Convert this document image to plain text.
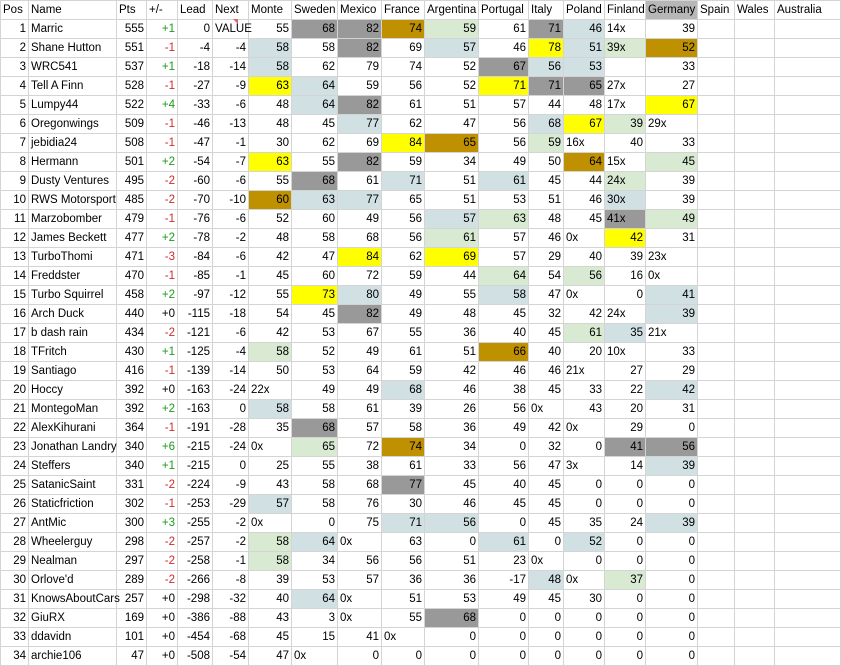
Pos	Name	Pts	+/-	Lead	Next	Monte	Sweden	Mexico	France	Argentina	Portugal	Italy	Poland	Finland	Germany	Spain	Wales	Australia
1	Marric	555	+1	0	VALUE	55	68	82	74	59	61	71	46	14x	39			
2	Shane Hutton	551	-1	-4	-4	58	58	82	69	57	46	78	51	39x	52			
3	WRC541	537	+1	-18	-14	58	62	79	74	52	67	56	53		33			
4	Tell A Finn	528	-1	-27	-9	63	64	59	56	52	71	71	65	27x	27			
5	Lumpy44	522	+4	-33	-6	48	64	82	61	51	57	44	48	17x	67			
6	Oregonwings	509	-1	-46	-13	48	45	77	62	47	56	68	67	39	29x			
7	jebidia24	508	-1	-47	-1	30	62	69	84	65	56	59	16x	40	33			
8	Hermann	501	+2	-54	-7	63	55	82	59	34	49	50	64	15x	45			
9	Dusty Ventures	495	-2	-60	-6	55	68	61	71	51	61	45	44	24x	39			
10	RWS Motorsport	485	-2	-70	-10	60	63	77	65	51	53	51	46	30x	39			
11	Marzobomber	479	-1	-76	-6	52	60	49	56	57	63	48	45	41x	49			
12	James Beckett	477	+2	-78	-2	48	58	68	56	61	57	46	0x	42	31			
13	TurboThomi	471	-3	-84	-6	42	47	84	62	69	57	29	40	39	23x			
14	Freddster	470	-1	-85	-1	45	60	72	59	44	64	54	56	16	0x			
15	Turbo Squirrel	458	+2	-97	-12	55	73	80	49	55	58	47	0x	0	41			
16	Arch Duck	440	+0	-115	-18	54	45	82	49	48	45	32	42	24x	39			
17	b dash rain	434	-2	-121	-6	42	53	67	55	36	40	45	61	35	21x			
18	TFritch	430	+1	-125	-4	58	52	49	61	51	66	40	20	10x	33			
19	Santiago	416	-1	-139	-14	50	53	64	59	42	46	46	21x	27	29			
20	Hoccy	392	+0	-163	-24	22x	49	49	68	46	38	45	33	22	42			
21	MontegoMan	392	+2	-163	0	58	58	61	39	26	56	0x	43	20	31			
22	AlexKihurani	364	-1	-191	-28	35	68	57	58	36	49	42	0x	29	0			
23	Jonathan Landry	340	+6	-215	-24	0x	65	72	74	34	0	32	0	41	56			
24	Steffers	340	+1	-215	0	25	55	38	61	33	56	47	3x	14	39			
25	SatanicSaint	331	-2	-224	-9	43	58	68	77	45	40	45	0	0	0			
26	Staticfriction	302	-1	-253	-29	57	58	76	30	46	45	45	0	0	0			
27	AntMic	300	+3	-255	-2	0x	0	75	71	56	0	45	35	24	39			
28	Wheelerguy	298	-2	-257	-2	58	64	0x	63	0	61	0	52	0	0			
29	Nealman	297	-2	-258	-1	58	34	56	56	51	23	0x	0	0	0			
30	Orlove'd	289	-2	-266	-8	39	53	57	36	36	-17	48	0x	37	0			
31	KnowsAboutCars	257	+0	-298	-32	40	64	0x	51	53	49	45	30	0	0			
32	GiuRX	169	+0	-386	-88	43	3	0x	55	68	0	0	0	0	0			
33	ddavidn	101	+0	-454	-68	45	15	41	0x	0	0	0	0	0	0			
34	archie106	47	+0	-508	-54	47	0x	0	0	0	0	0	0	0	0			
